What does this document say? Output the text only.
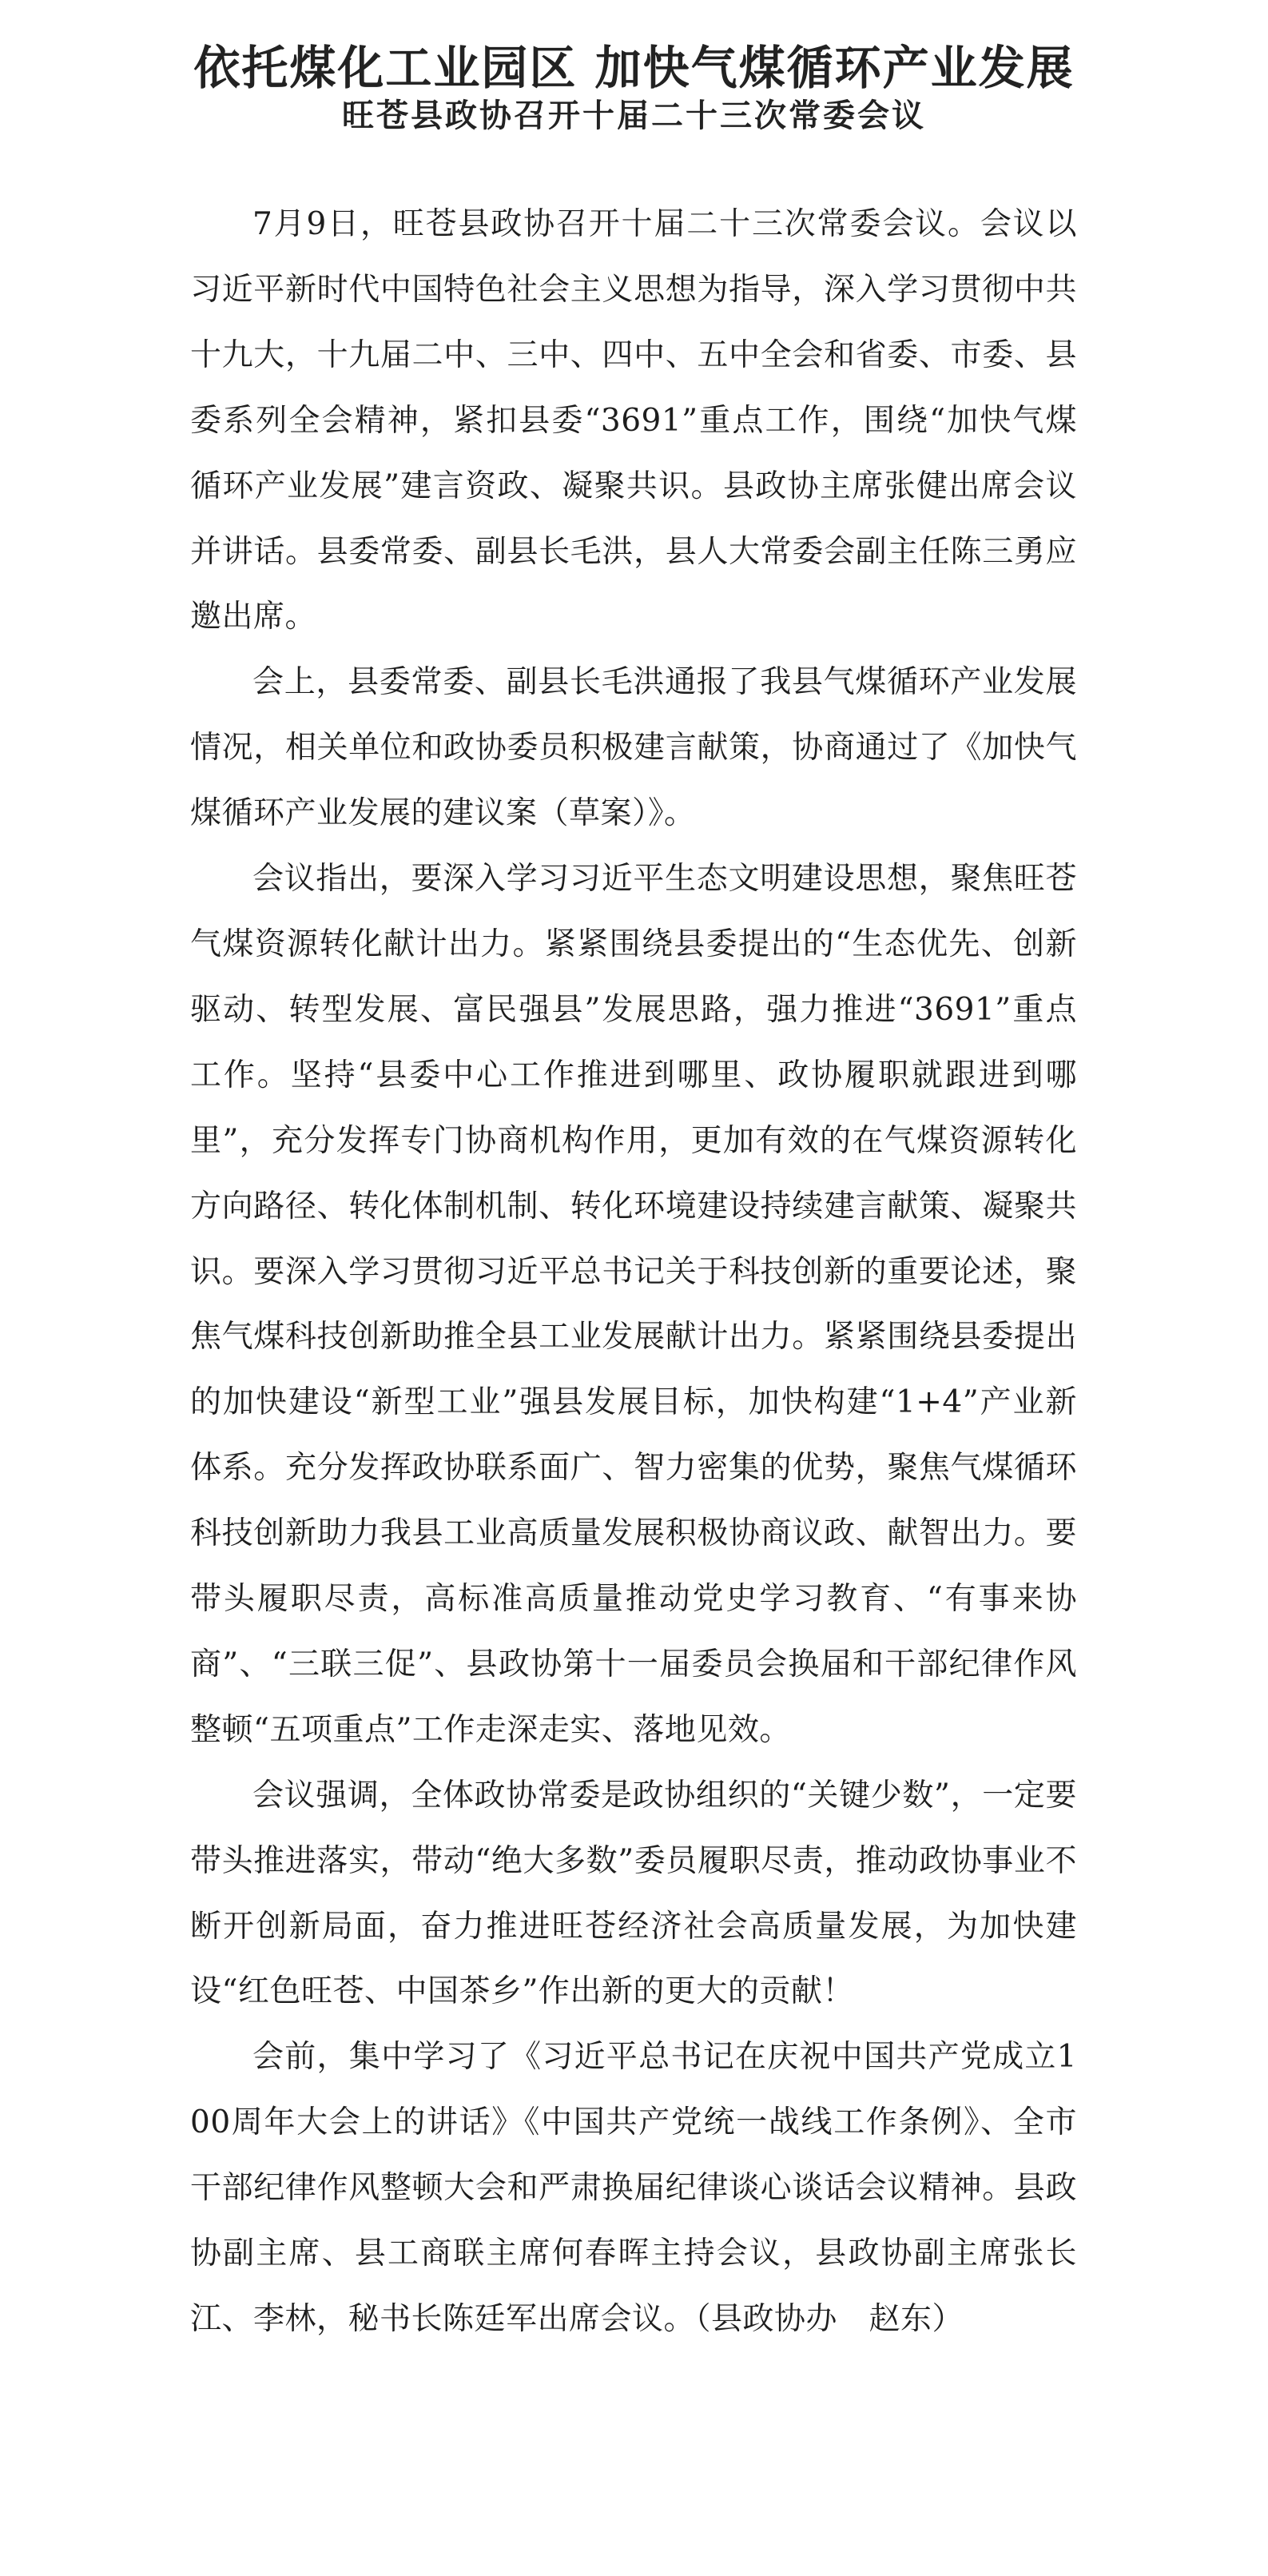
依托煤化工业园区 加快气煤循环产业发展
旺苍县政协召开十届二十三次常委会议

7月9日，旺苍县政协召开十届二十三次常委会议。会议以习近平新时代中国特色社会主义思想为指导，深入学习贯彻中共十九大，十九届二中、三中、四中、五中全会和省委、市委、县委系列全会精神，紧扣县委“3691”重点工作，围绕“加快气煤循环产业发展”建言资政、凝聚共识。县政协主席张健出席会议并讲话。县委常委、副县长毛洪，县人大常委会副主任陈三勇应邀出席。

会上，县委常委、副县长毛洪通报了我县气煤循环产业发展情况，相关单位和政协委员积极建言献策，协商通过了《加快气煤循环产业发展的建议案（草案）》。

会议指出，要深入学习习近平生态文明建设思想，聚焦旺苍气煤资源转化献计出力。紧紧围绕县委提出的“生态优先、创新驱动、转型发展、富民强县”发展思路，强力推进“3691”重点工作。坚持“县委中心工作推进到哪里、政协履职就跟进到哪里”，充分发挥专门协商机构作用，更加有效的在气煤资源转化方向路径、转化体制机制、转化环境建设持续建言献策、凝聚共识。要深入学习贯彻习近平总书记关于科技创新的重要论述，聚焦气煤科技创新助推全县工业发展献计出力。紧紧围绕县委提出的加快建设“新型工业”强县发展目标，加快构建“1+4”产业新体系。充分发挥政协联系面广、智力密集的优势，聚焦气煤循环科技创新助力我县工业高质量发展积极协商议政、献智出力。要带头履职尽责，高标准高质量推动党史学习教育、“有事来协商”、“三联三促”、县政协第十一届委员会换届和干部纪律作风整顿“五项重点”工作走深走实、落地见效。

会议强调，全体政协常委是政协组织的“关键少数”，一定要带头推进落实，带动“绝大多数”委员履职尽责，推动政协事业不断开创新局面，奋力推进旺苍经济社会高质量发展，为加快建设“红色旺苍、中国茶乡”作出新的更大的贡献！

会前，集中学习了《习近平总书记在庆祝中国共产党成立100周年大会上的讲话》《中国共产党统一战线工作条例》、全市干部纪律作风整顿大会和严肃换届纪律谈心谈话会议精神。县政协副主席、县工商联主席何春晖主持会议，县政协副主席张长江、李林，秘书长陈廷军出席会议。（县政协办　赵东）
